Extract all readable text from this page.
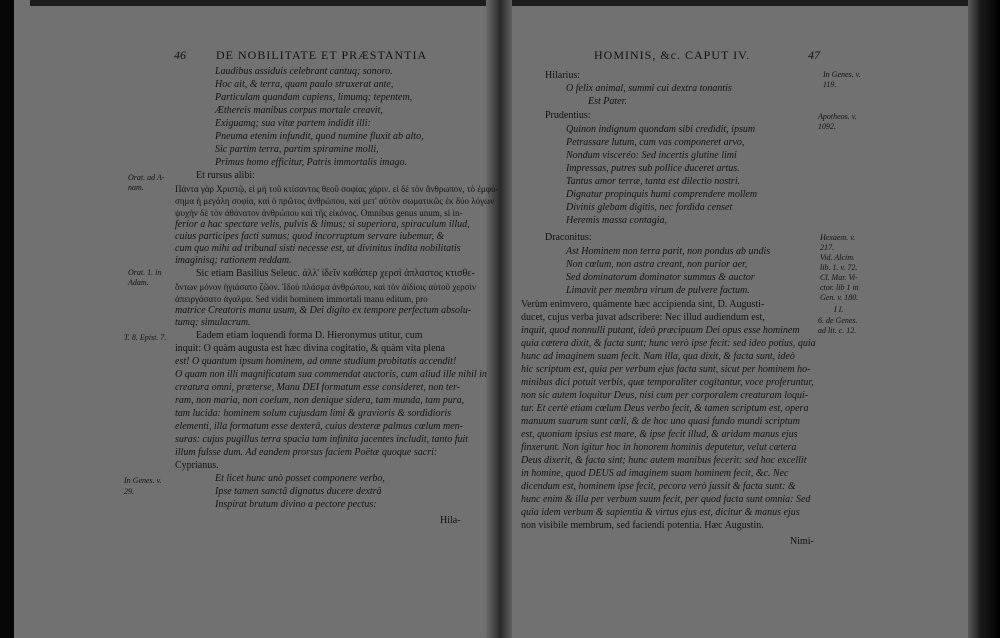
46	DE NOBILITATE ET PRÆSTANTIA
Laudibus assiduis celebrant cantuq; sonoro.
Hoc ait, & terra, quam paulo struxerat ante,
Particulam quandam capiens, limumq; tepentem,
Æthereis manibus corpus mortale creavit,
Exiguamq; sua vitæ partem indidit illi:
Pneuma etenim infundit, quod numine fluxit ab alto,
Sic partim terra, partim spiramine molli,
Primus homo efficitur, Patris immortalis imago.
Et rursus alibi:
Πάντα γὰρ Χριστῷ, εἰ μὴ τοῦ κτίσαντος θεοῦ σοφίας χάριν. εἰ δὲ τὸν ἄνθρωπον, τὸ ἐμφύ-
σημα ἡ μεγάλη σοφία, καὶ ὁ πρῶτος ἀνθρώπου, καὶ μετ' αὐτὸν σωματικῶς ἐκ δύο λόγων
ψυχὴν δὲ τὸν ἀθάνατον ἀνθρώπου καὶ τῆς εἰκόνος. Omnibus genus unum, si in-
ferior a hac spectare velis, pulvis & limus; si superiora, spiraculum illud,
cuius participes facti sumus; quod incorruptum servare iubemur, &
cum quo mihi ad tribunal sisti necesse est, ut divinitus indita nobilitatis
imaginisq; rationem reddam.
Sic etiam Basilius Seleuc. ἀλλ' ἰδεῖν καθάπερ χερσὶ ἀπλαστος κτισθε-
ὄντων μόνον ἡγιάσατο ζῶον. Ἰδοὺ πλάσμα ἀνθρώπου, καὶ τὸν ἀϊδίοις αὐτοῦ χερσὶν
ἀπειργάσατο ἀγαλμα. Sed vidit hominem immortali manu editum, pro
matrice Creatoris manu usum, & Dei digito ex tempore perfectum absolu-
tumq; simulacrum.
Eadem etiam loquendi forma D. Hieronymus utitur, cum
inquit: O quàm augusta est hæc divina cogitatio, & quàm vita plena
est! O quantum ipsum hominem, ad omne studium probitatis accendit!
O quam non illi magnificatam sua commendat auctoris, cum aliud ille nihil in
creatura omni, præterse, Manu DEI formatum esse consideret, non ter-
ram, non maria, non coelum, non denique sidera, tam munda, tam pura,
tam lucida: hominem solum cujusdam limi & gravioris & sordidioris
elementi, illa formatum esse dexterâ, cuius dexteræ palmus cœlum men-
suras: cujus pugillus terra spacia tam infinita jacentes includit, tanto fuit
illum fulsse dum. Ad eandem prorsus faciem Poëtæ quoque sacri:
Cyprianus.
Et licet hunc unò posset componere verbo,
Ipse tamen sanctâ dignatus ducere dextrâ
Inspirat brutum divino a pectore pectus:
Hila-
Orat. ad A-
nam.
Orat. 1. in
Adam.
T. 8. Epist. 7.
In Genes. v.
29.
HOMINIS, &c. CAPUT IV.	47
Hilarius:
O felix animal, summi cui dextra tonantis
Est Pater.
Prudentius:
Quinon indignum quondam sibi credidit, ipsum
Petrassare lutum, cum vas componeret arvo,
Nondum visceréo: Sed incertis glutine limi
Impressas, putres sub pollice duceret artus.
Tantus amor terræ, tanta est dilectio nostri.
Dignatur propinquis humi comprendere mollem
Divinis glebam digitis, nec fordida censet
Heremis massa contagia,
Draconitus:
Ast Hominem non terra parit, non pondus ab undis
Non cœlum, non astra creant, non purior aer,
Sed dominatorum dominator summus & auctor
Limavit per membra virum de pulvere factum.
Verùm enimvero, quâmente hæc accipienda sint, D. Augusti-
ducet, cujus verba juvat adscribere: Nec illud audiendum est,
inquit, quod nonnulli putant, ideò præcipuum Dei opus esse hominem
quia cætera dixit, & facta sunt; hunc verò ipse fecit: sed ideo potius, quia
hunc ad imaginem suam fecit. Nam illa, qua dixit, & facta sunt, ideò
hic scriptum est, quia per verbum ejus facta sunt, sicut per hominem ho-
minibus dici potuit verbis, quæ temporaliter cogitantur, voce proferuntur,
non sic autem loquitur Deus, nisi cum per corporalem creaturam loqui-
tur. Et certè etiam cœlum Deus verbo fecit, & tamen scriptum est, opera
manuum suarum sunt cœli, & de hoc uno quasi fundo mundi scriptum
est, quoniam ipsius est mare, & ipse fecit illud, & aridam manus ejus
finxerunt. Non igitur hoc in honorem hominis deputetur, velut cætera
Deus dixerit, & facta sint; hunc autem manibus fecerit: sed hoc excellit
in homine, quod DEUS ad imaginem suam hominem fecit, &c. Nec
dicendum est, hominem ipse fecit, pecora verò jussit & facta sunt: &
hunc enim & illa per verbum suum fecit, per quod facta sunt omnia: Sed
quia idem verbum & sapientia & virtus ejus est, dicitur & manus ejus
non visibile membrum, sed faciendi potentia. Hæc Augustin.
Nimi-
In Genes. v.
119.
Apotheos. v.
1092.
Hexaem. v.
217.
Vid. Alcim.
lib. 1. v. 72.
Cl. Mar. Vi-
ctor. lib 1 in
Gen. v. 180.
I I.
6. de Genes.
ad lit. c. 12.
